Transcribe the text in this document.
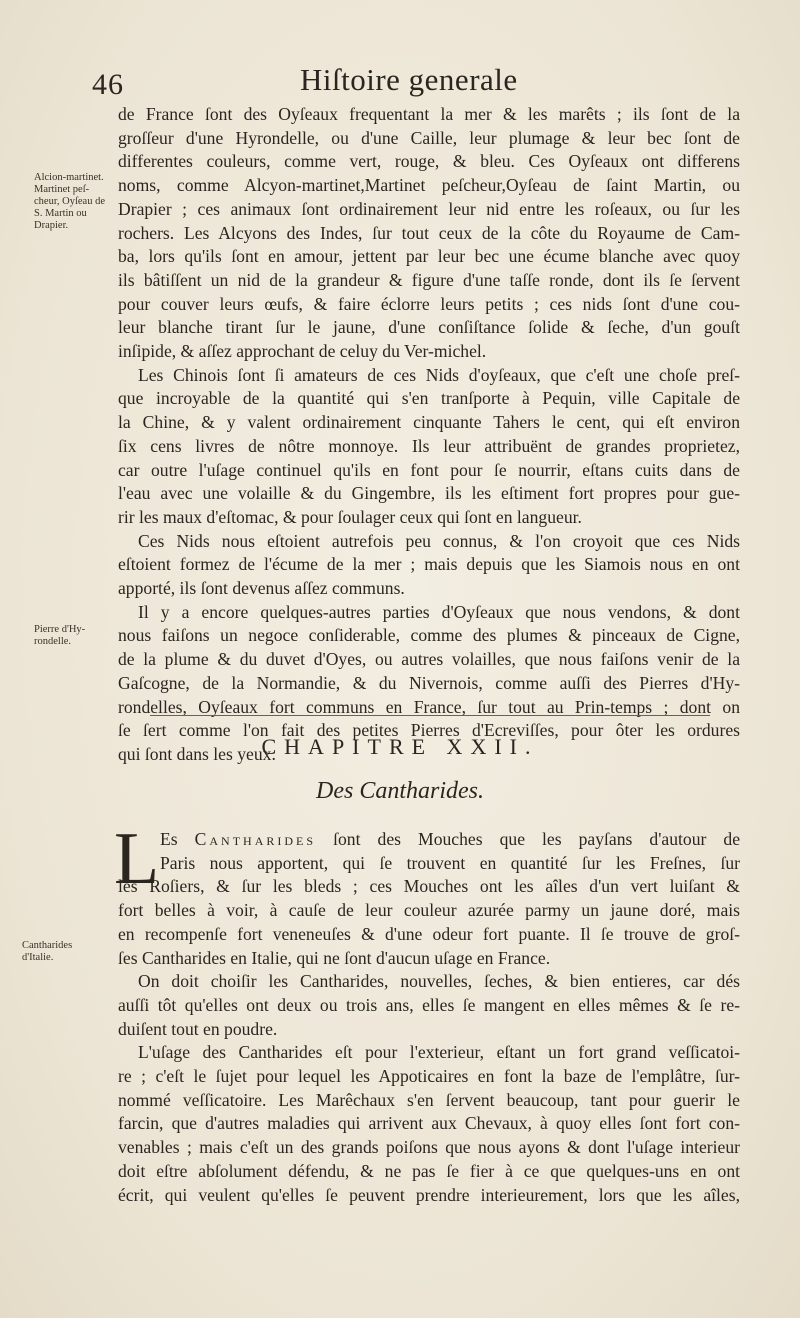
46	Hiſtoire generale
de France ſont des Oyſeaux frequentant la mer & les marêts ; ils ſont de la
groſſeur d'une Hyrondelle, ou d'une Caille, leur plumage & leur bec ſont de
differentes couleurs, comme vert, rouge, & bleu. Ces Oyſeaux ont differens
noms, comme Alcyon-martinet,Martinet peſcheur,Oyſeau de ſaint Martin, ou
Drapier ; ces animaux ſont ordinairement leur nid entre les roſeaux, ou ſur les
rochers. Les Alcyons des Indes, ſur tout ceux de la côte du Royaume de Cam-
ba, lors qu'ils ſont en amour, jettent par leur bec une écume blanche avec quoy
ils bâtiſſent un nid de la grandeur & figure d'une taſſe ronde, dont ils ſe ſervent
pour couver leurs œufs, & faire éclorre leurs petits ; ces nids ſont d'une cou-
leur blanche tirant ſur le jaune, d'une conſiſtance ſolide & ſeche, d'un gouſt
inſipide, & aſſez approchant de celuy du Ver-michel.
Les Chinois ſont ſi amateurs de ces Nids d'oyſeaux, que c'eſt une choſe preſ-
que incroyable de la quantité qui s'en tranſporte à Pequin, ville Capitale de
la Chine, & y valent ordinairement cinquante Tahers le cent, qui eſt environ
ſix cens livres de nôtre monnoye. Ils leur attribuënt de grandes proprietez,
car outre l'uſage continuel qu'ils en font pour ſe nourrir, eſtans cuits dans de
l'eau avec une volaille & du Gingembre, ils les eſtiment fort propres pour gue-
rir les maux d'eſtomac, & pour ſoulager ceux qui ſont en langueur.
Ces Nids nous eſtoient autrefois peu connus, & l'on croyoit que ces Nids
eſtoient formez de l'écume de la mer ; mais depuis que les Siamois nous en ont
apporté, ils ſont devenus aſſez communs.
Il y a encore quelques-autres parties d'Oyſeaux que nous vendons, & dont
nous faiſons un negoce conſiderable, comme des plumes & pinceaux de Cigne,
de la plume & du duvet d'Oyes, ou autres volailles, que nous faiſons venir de la
Gaſcogne, de la Normandie, & du Nivernois, comme auſſi des Pierres d'Hy-
rondelles, Oyſeaux fort communs en France, ſur tout au Prin-temps ; dont on
ſe ſert comme l'on fait des petites Pierres d'Ecreviſſes, pour ôter les ordures
qui ſont dans les yeux.
Alcion-martinet. Martinet peſ-cheur, Oyſeau de S. Martin ou Drapier.
Pierre d'Hy-rondelle.
CHAPITRE XXII.
Des Cantharides.
L Es Cantharides ſont des Mouches que les payſans d'autour de
Paris nous apportent, qui ſe trouvent en quantité ſur les Freſnes, ſur
les Roſiers, & ſur les bleds ; ces Mouches ont les aîles d'un vert luiſant &
fort belles à voir, à cauſe de leur couleur azurée parmy un jaune doré, mais
en recompenſe fort veneneuſes & d'une odeur fort puante. Il ſe trouve de groſ-
ſes Cantharides en Italie, qui ne ſont d'aucun uſage en France.
On doit choiſir les Cantharides, nouvelles, ſeches, & bien entieres, car dés
auſſi tôt qu'elles ont deux ou trois ans, elles ſe mangent en elles mêmes & ſe re-
duiſent tout en poudre.
L'uſage des Cantharides eſt pour l'exterieur, eſtant un fort grand veſſicatoi-
re ; c'eſt le ſujet pour lequel les Appoticaires en font la baze de l'emplâtre, ſur-
nommé veſſicatoire. Les Marêchaux s'en ſervent beaucoup, tant pour guerir le
farcin, que d'autres maladies qui arrivent aux Chevaux, à quoy elles ſont fort con-
venables ; mais c'eſt un des grands poiſons que nous ayons & dont l'uſage interieur
doit eſtre abſolument défendu, & ne pas ſe fier à ce que quelques-uns en ont
écrit, qui veulent qu'elles ſe peuvent prendre interieurement, lors que les aîles,
Cantharides d'Italie.
